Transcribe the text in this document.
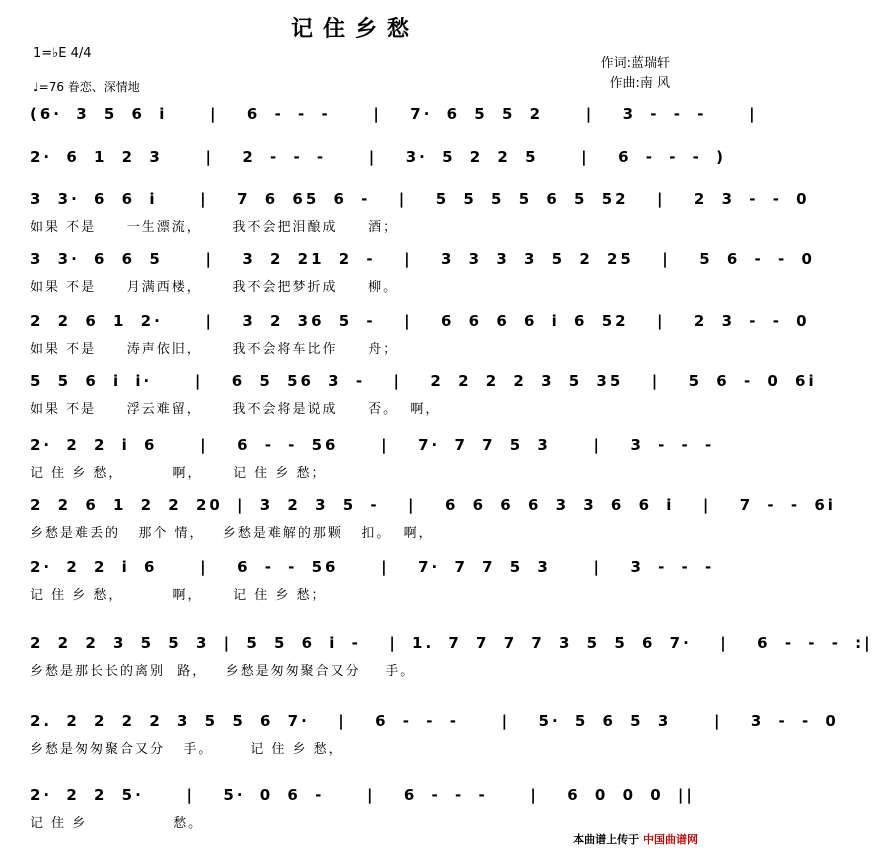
记住乡愁
1=♭E 4/4
♩=76 眷恋、深情地
作词:蓝瑞轩
作曲:南 风
(6· 3 5 6 i   |  6 - - -   |  7· 6 5 5 2   |  3 - - -   |
2· 6 1 2 3   |  2 - - -   |  3· 5 2 2 5   |  6 - - - )
3 3· 6 6 i   |  7 6 65 6 -  |  5 5 5 5 6 5 52  |  2 3 - - 0
如果 不是     一生漂流，     我不会把泪酿成     酒；
3 3· 6 6 5   |  3 2 21 2 -  |  3 3 3 3 5 2 25  |  5 6 - - 0
如果 不是     月满西楼，     我不会把梦折成     柳。
2 2 6 1 2·   |  3 2 36 5 -  |  6 6 6 6 i 6 52  |  2 3 - - 0
如果 不是     涛声依旧，     我不会将车比作     舟；
5 5 6 i i·   |  6 5 56 3 -  |  2 2 2 2 3 5 35  |  5 6 - 0 6i
如果 不是     浮云难留，     我不会将是说成     否。  啊，
2· 2 2 i 6   |  6 - - 56   |  7· 7 7 5 3   |  3 - - -
记 住 乡 愁，        啊，     记 住 乡 愁；
2 2 6 1 2 2 20 | 3 2 3 5 -  |  6 6 6 6 3 3 6 6 i  |  7 - - 6i
乡愁是难丢的   那个 情，   乡愁是难解的那颗   扣。  啊，
2· 2 2 i 6   |  6 - - 56   |  7· 7 7 5 3   |  3 - - -
记 住 乡 愁，        啊，     记 住 乡 愁；
2 2 2 3 5 5 3 | 5 5 6 i -  | 1. 7 7 7 7 3 5 5 6 7·  |  6 - - - :|
乡愁是那长长的离别  路，   乡愁是匆匆聚合又分    手。
2. 2 2 2 2 3 5 5 6 7·  |  6 - - -   |  5· 5 6 5 3   |  3 - - 0
乡愁是匆匆聚合又分   手。      记 住 乡 愁，
2· 2 2 5·   |  5· 0 6 -   |  6 - - -   |  6 0 0 0 ||
记 住 乡              愁。
本曲谱上传于 中国曲谱网
